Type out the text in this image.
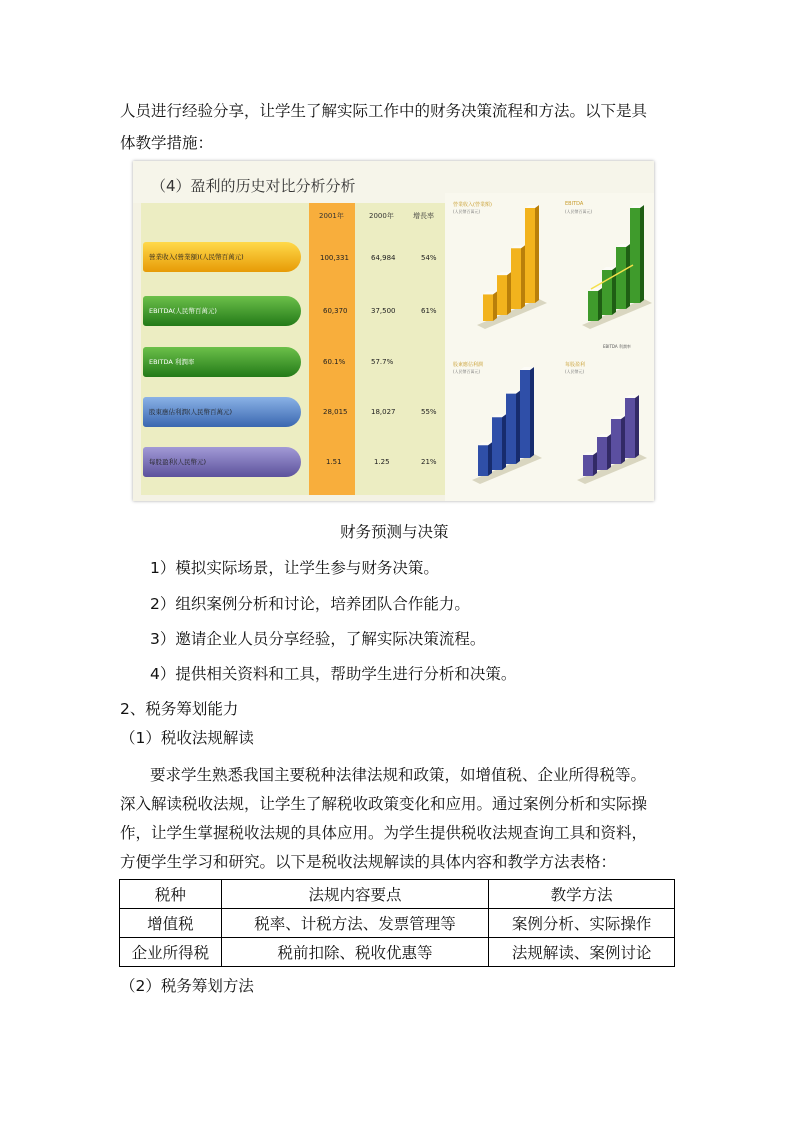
人员进行经验分享，让学生了解实际工作中的财务决策流程和方法。以下是具
体教学措施：
（4）盈利的历史对比分析分析
2001年	2000年	增長率
營業收入(營業額)(人民幣百萬元)	100,331	64,984	54%
EBITDA(人民幣百萬元)	60,370	37,500	61%
EBITDA 利潤率	60.1%	57.7%
股東應佔利潤(人民幣百萬元)	28,015	18,027	55%
每股盈利(人民幣元)	1.51	1.25	21%
營業收入(營業額)
(人民幣百萬元)
EBITDA
(人民幣百萬元)
股東應佔利潤
(人民幣百萬元)
每股盈利
(人民幣元)
EBITDA 利潤率
财务预测与决策
1）模拟实际场景，让学生参与财务决策。
2）组织案例分析和讨论，培养团队合作能力。
3）邀请企业人员分享经验，了解实际决策流程。
4）提供相关资料和工具，帮助学生进行分析和决策。
2、税务筹划能力
（1）税收法规解读
要求学生熟悉我国主要税种法律法规和政策，如增值税、企业所得税等。
深入解读税收法规，让学生了解税收政策变化和应用。通过案例分析和实际操
作，让学生掌握税收法规的具体应用。为学生提供税收法规查询工具和资料，
方便学生学习和研究。以下是税收法规解读的具体内容和教学方法表格：
税种	法规内容要点	教学方法
增值税	税率、计税方法、发票管理等	案例分析、实际操作
企业所得税	税前扣除、税收优惠等	法规解读、案例讨论
（2）税务筹划方法
